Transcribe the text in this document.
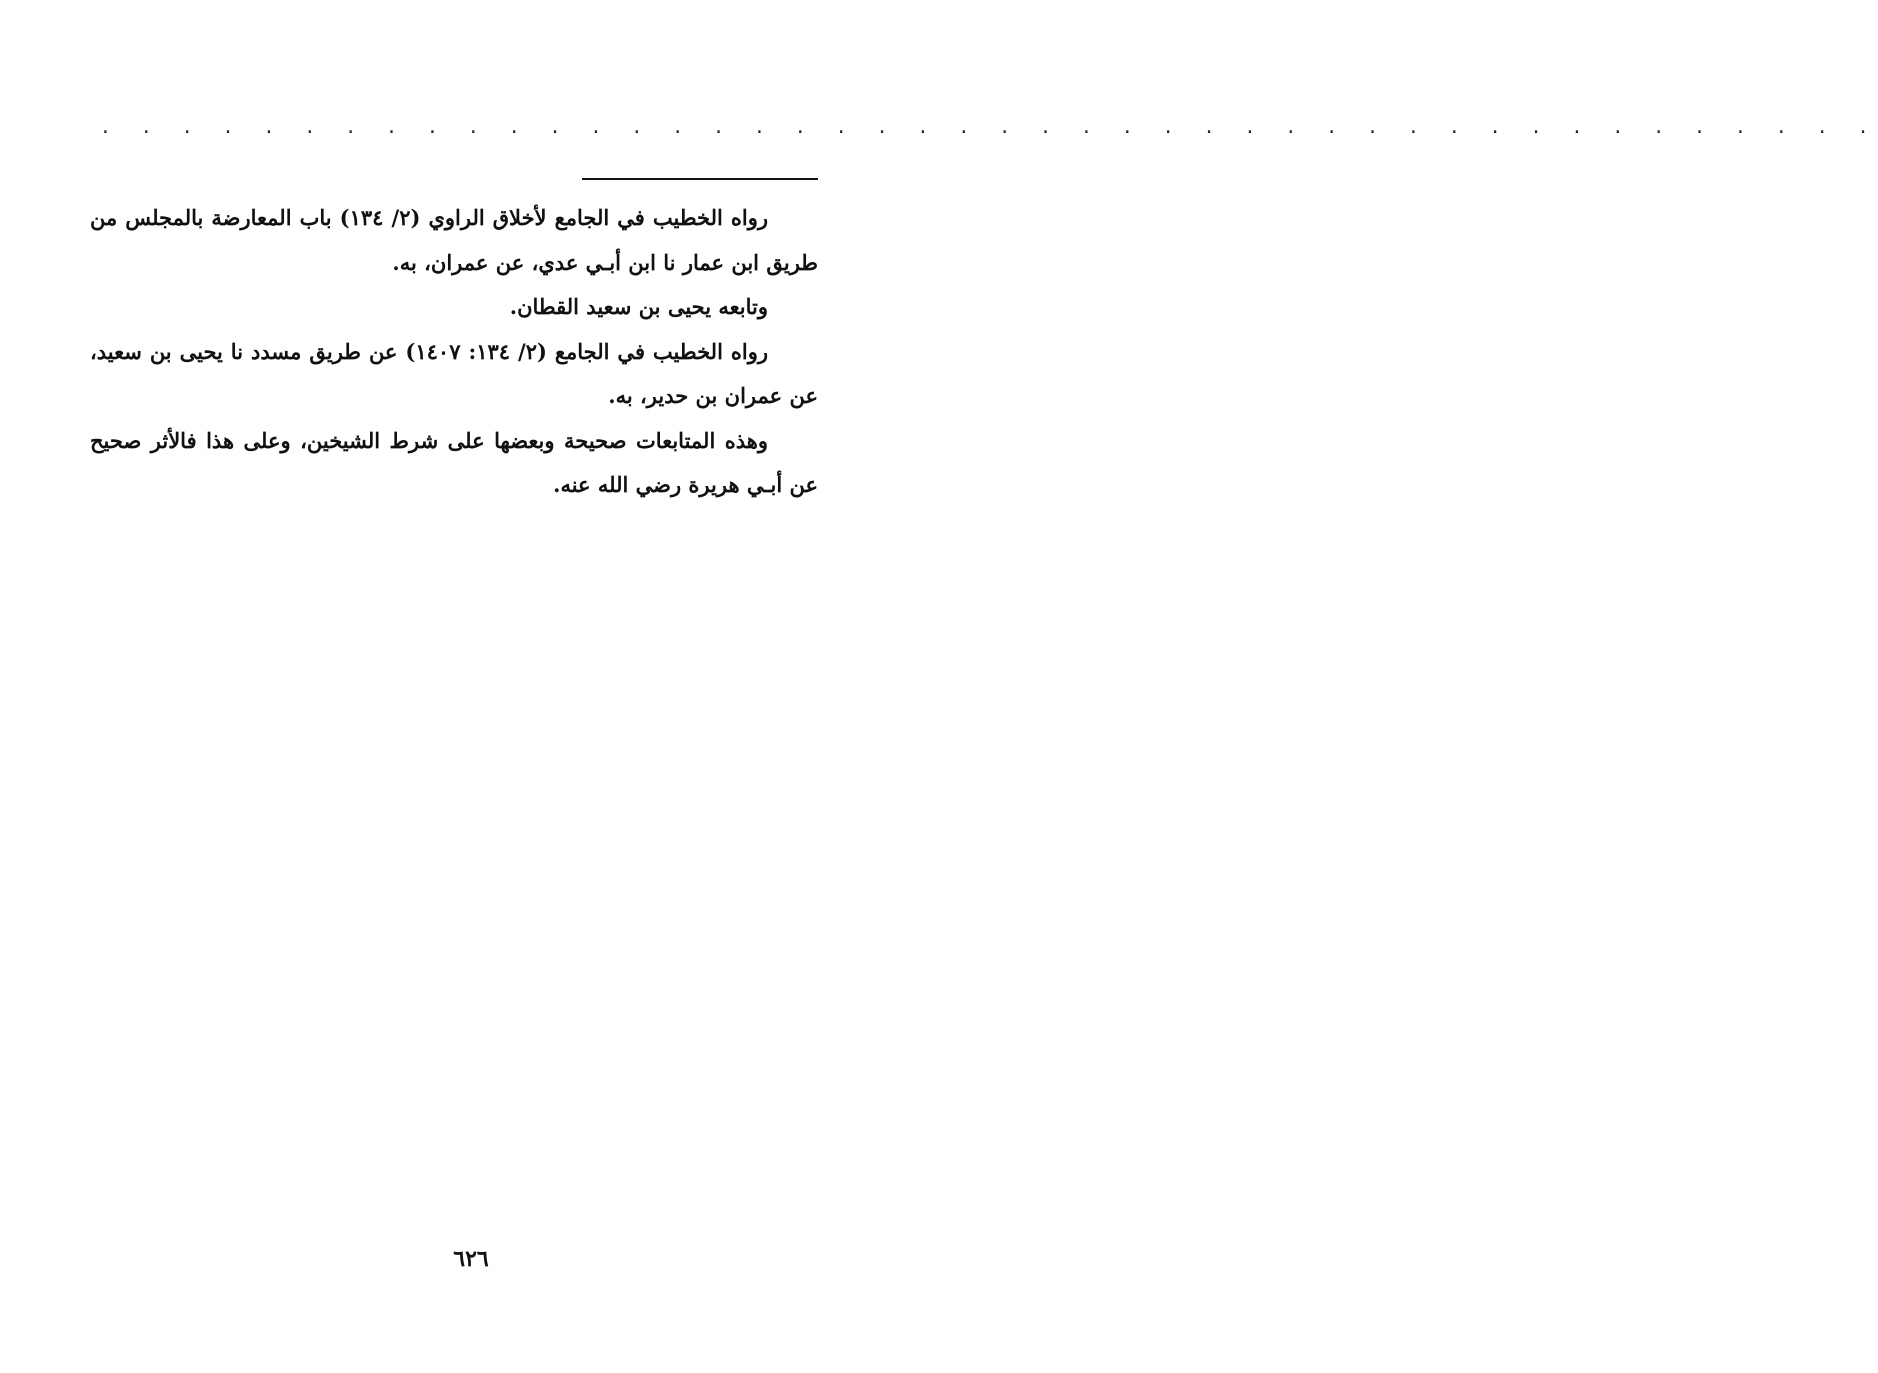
. . . . . . . . . . . . . . . . . . . . . . . . . . . . . . . . . . . . . . . . . . . .

رواه الخطيب في الجامع لأخلاق الراوي (٢/ ١٣٤) باب المعارضة بالمجلس من طريق ابن عمار نا ابن أبـي عدي، عن عمران، به.

وتابعه يحيى بن سعيد القطان.

رواه الخطيب في الجامع (٢/ ١٣٤: ١٤٠٧) عن طريق مسدد نا يحيى بن سعيد، عن عمران بن حدير، به.

وهذه المتابعات صحيحة وبعضها على شرط الشيخين، وعلى هذا فالأثر صحيح عن أبـي هريرة رضي الله عنه.

٦٢٦
